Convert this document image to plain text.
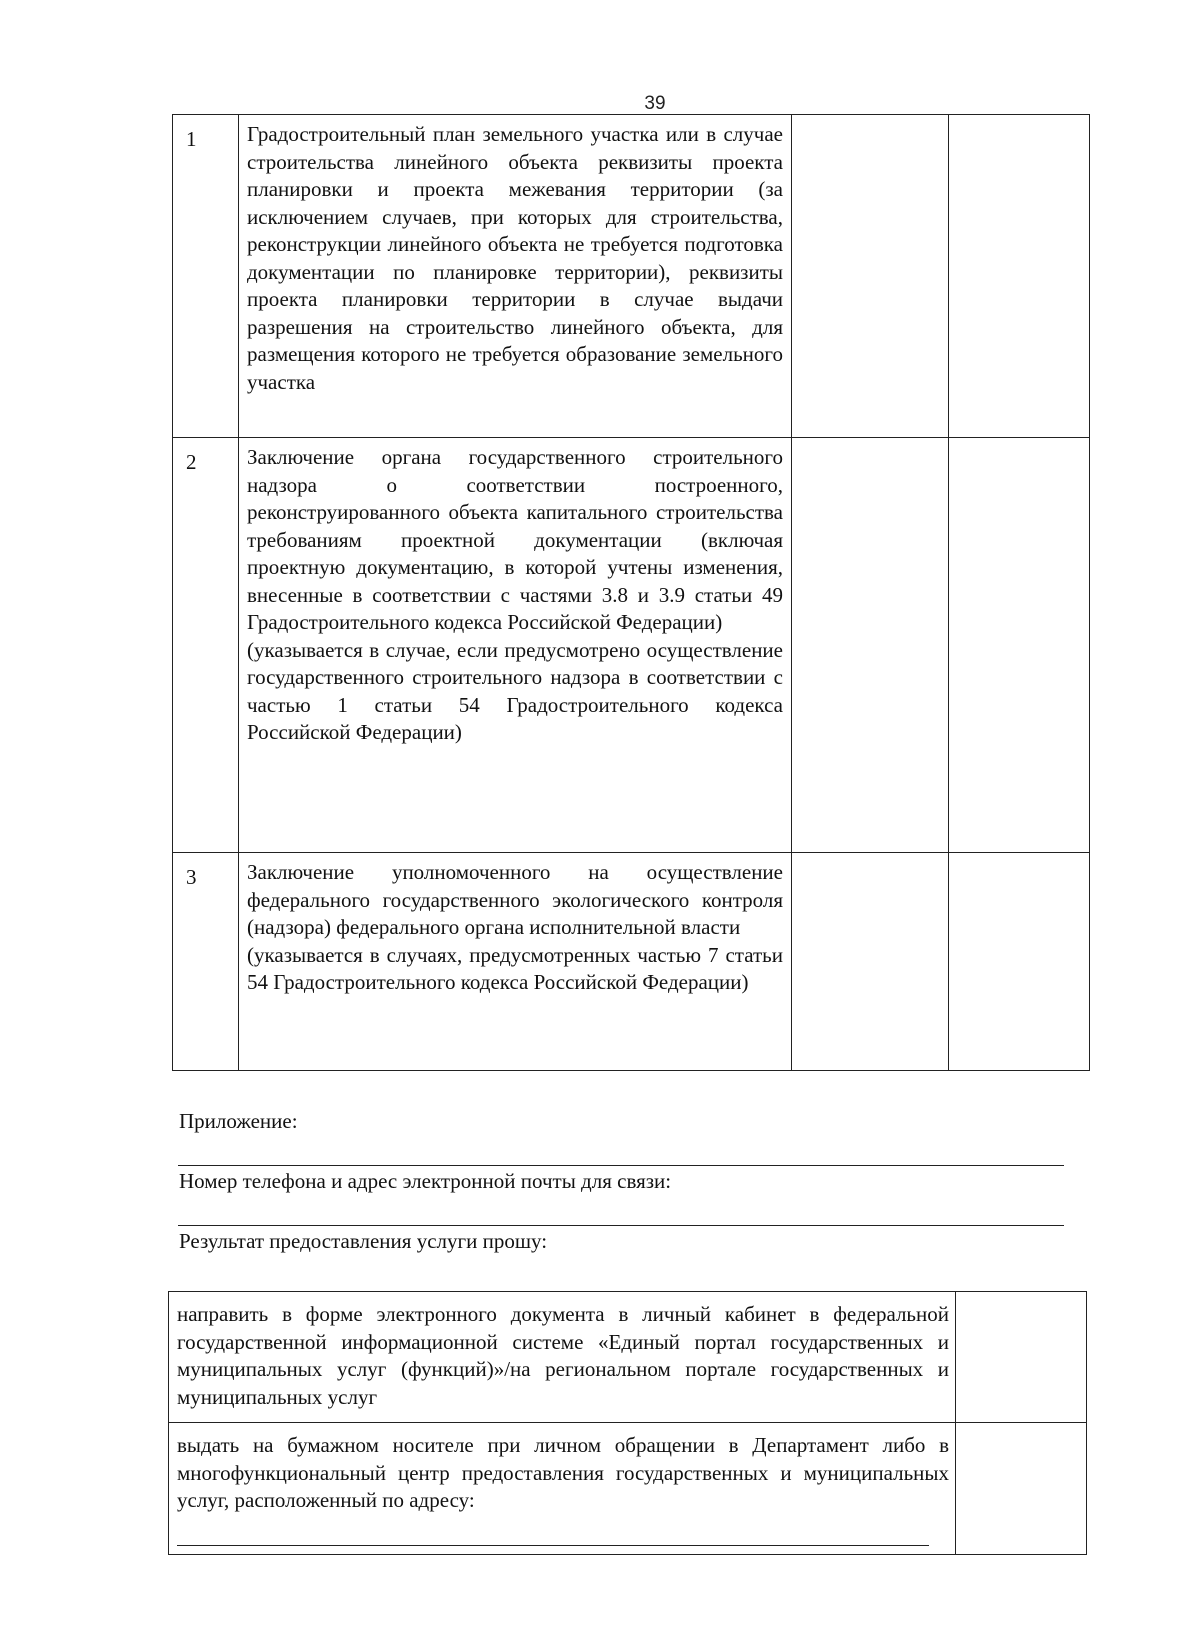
39
1	Градостроительный план земельного участка или в случае строительства линейного объекта реквизиты проекта планировки и проекта межевания территории (за исключением случаев, при которых для строительства, реконструкции линейного объекта не требуется подготовка документации по планировке территории), реквизиты проекта планировки территории в случае выдачи разрешения на строительство линейного объекта, для размещения которого не требуется образование земельного участка		

2	Заключение органа государственного строительного надзора о соответствии построенного, реконструированного объекта капитального строительства требованиям проектной документации (включая проектную документацию, в которой учтены изменения, внесенные в соответствии с частями 3.8 и 3.9 статьи 49 Градостроительного кодекса Российской Федерации)

(указывается в случае, если предусмотрено осуществление государственного строительного надзора в соответствии с частью 1 статьи 54 Градостроительного кодекса Российской Федерации)		

3	Заключение уполномоченного на осуществление федерального государственного экологического контроля (надзора) федерального органа исполнительной власти

(указывается в случаях, предусмотренных частью 7 статьи 54 Градостроительного кодекса Российской Федерации)		

Приложение:
Номер телефона и адрес электронной почты для связи:
Результат предоставления услуги прошу:
направить в форме электронного документа в личный кабинет в федеральной государственной информационной системе «Единый портал государственных и муниципальных услуг (функций)»/на региональном портале государственных и муниципальных услуг	

выдать на бумажном носителе при личном обращении в Департамент либо в многофункциональный центр предоставления государственных и муниципальных услуг, расположенный по адресу:	
